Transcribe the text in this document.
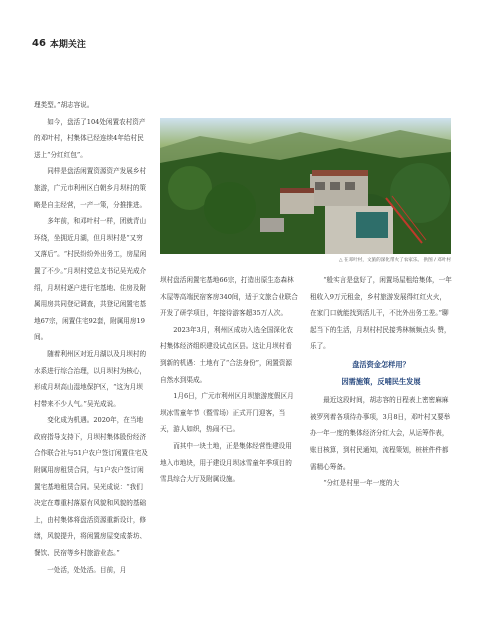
46 本期关注

理类型。”胡志容说。

如今，盘活了104处闲置农村资产的邓叶村，村集体已经连续4年给村民送上“分红红包”。

同样是盘活闲置资源资产发展乡村旅游，广元市利州区白朝乡月坝村的策略是自主经营，一产一策，分推推进。

多年前，和邓叶村一样，团就青山环绕，坐拥近月湖，但月坝村是“又穷又落后”。“村民纷纷外出务工，房屋闲置了不少。”月坝村党总支书记吴光成介绍，月坝村逐户进行宅基地、住房及附属用房共同登记调查，共登记闲置宅基地67宗，闲置住宅92套，附属用房19间。

随着利州区对近月湖以及月坝村的水系进行综合治理，以月坝村为核心，形成月坝高山湿地保护区，“这为月坝村带来不少人气。”吴光成说。

变化成为机遇。2020年，在当地政府指导支持下，月坝村集体股份经济合作联合社与51户农户签订闲置住宅及附属用房租赁合同，与1户农户签订闲置宅基地租赁合同。吴光成说：“我们决定在尊重村落原有风貌和风貌的基础上，由村集体将盘活资源重新设计，修缮，风貌提升，将闲置房屋变成茶坊、餐饮、民宿等乡村旅游业态。”

一处活，处处活。目前，月

△ 在邓叶村，文旅的深化带火了农家乐。 供图 / 邓叶村

坝村盘活闲置宅基地66宗，打造出原生态森林木屋等高端民宿客房340间，适于文旅合业联合开发了研学项目，年接待游客超35万人次。

2023年3月，利州区成功入选全国深化农村集体经济组织建设试点区县。这让月坝村看到新的机遇：土地有了“合法身份”，闲置资源自然水到渠成。

1月6日，广元市利州区月坝旅游度假区月坝冰雪童年节（暨雪场）正式开门迎客，当天，游人如织，热闹不已。

而其中一块土地，正是集体经营性建设用地入市地块，用于建设月坝冰雪童年季项目的雪具综合大厅及附属设施。

“般实言是盘好了，闲置场屋租给集体，一年租收入9万元租金，乡村旅游发展得红红火火，在家门口就能找到活儿干，不比外出务工差。”聊起当下的生活，月坝村村民接秀林频频点头 赞，乐了。

盘活资金怎样用？
因需施策，反哺民生发展

最近这段时间，胡志容的日程表上密密麻麻被罗列着各项待办事项，3月8日，邓叶村又要举办一年一度的集体经济分红大会，从运筹作表，账目核算，到村民通知，流程策划，桩桩件件都需精心筹备。

“分红是村里一年一度的大
